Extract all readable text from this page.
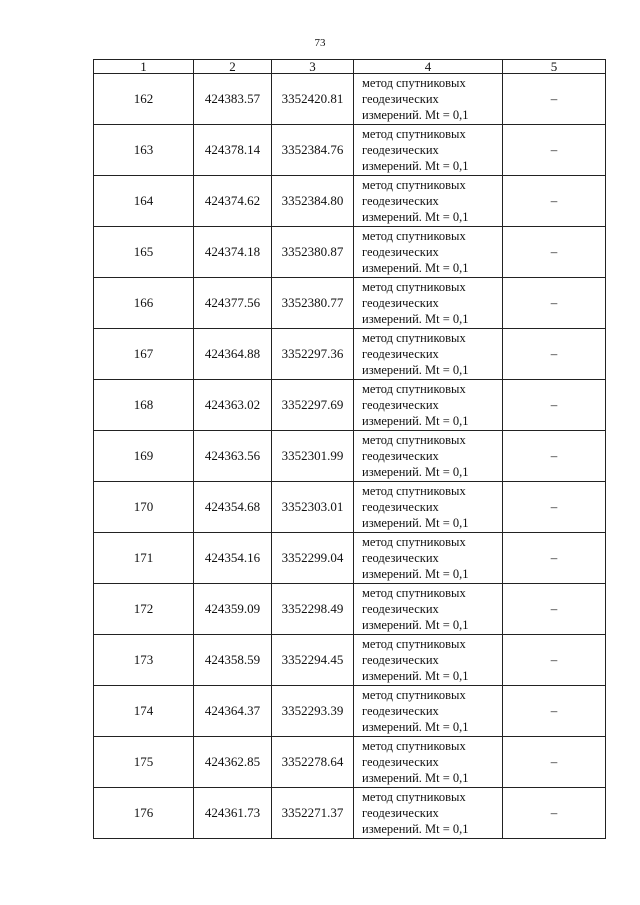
73
1	2	3	4	5
162	424383.57	3352420.81	метод спутниковых
геодезических
измерений. Mt = 0,1	–
163	424378.14	3352384.76	метод спутниковых
геодезических
измерений. Mt = 0,1	–
164	424374.62	3352384.80	метод спутниковых
геодезических
измерений. Mt = 0,1	–
165	424374.18	3352380.87	метод спутниковых
геодезических
измерений. Mt = 0,1	–
166	424377.56	3352380.77	метод спутниковых
геодезических
измерений. Mt = 0,1	–
167	424364.88	3352297.36	метод спутниковых
геодезических
измерений. Mt = 0,1	–
168	424363.02	3352297.69	метод спутниковых
геодезических
измерений. Mt = 0,1	–
169	424363.56	3352301.99	метод спутниковых
геодезических
измерений. Mt = 0,1	–
170	424354.68	3352303.01	метод спутниковых
геодезических
измерений. Mt = 0,1	–
171	424354.16	3352299.04	метод спутниковых
геодезических
измерений. Mt = 0,1	–
172	424359.09	3352298.49	метод спутниковых
геодезических
измерений. Mt = 0,1	–
173	424358.59	3352294.45	метод спутниковых
геодезических
измерений. Mt = 0,1	–
174	424364.37	3352293.39	метод спутниковых
геодезических
измерений. Mt = 0,1	–
175	424362.85	3352278.64	метод спутниковых
геодезических
измерений. Mt = 0,1	–
176	424361.73	3352271.37	метод спутниковых
геодезических
измерений. Mt = 0,1	–
